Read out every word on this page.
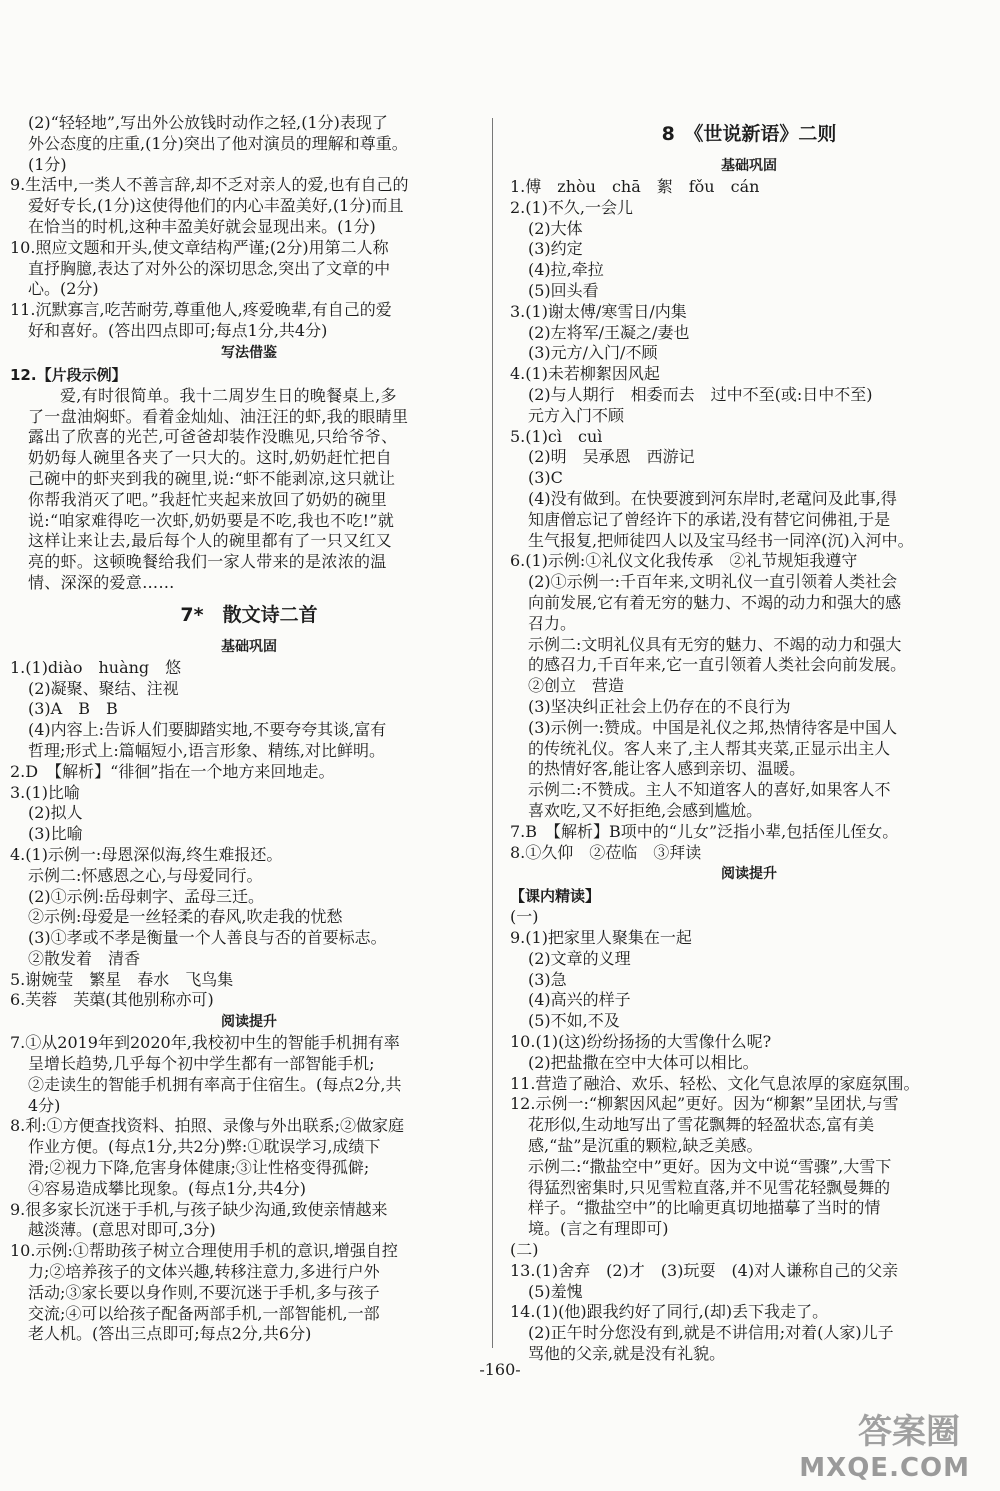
(2)“轻轻地”,写出外公放钱时动作之轻,(1分)表现了
外公态度的庄重,(1分)突出了他对演员的理解和尊重。
(1分)
9.生活中,一类人不善言辞,却不乏对亲人的爱,也有自己的
爱好专长,(1分)这使得他们的内心丰盈美好,(1分)而且
在恰当的时机,这种丰盈美好就会显现出来。(1分)
10.照应文题和开头,使文章结构严谨;(2分)用第二人称
直抒胸臆,表达了对外公的深切思念,突出了文章的中
心。(2分)
11.沉默寡言,吃苦耐劳,尊重他人,疼爱晚辈,有自己的爱
好和喜好。(答出四点即可;每点1分,共4分)
写法借鉴
12.【片段示例】
爱,有时很简单。我十二周岁生日的晚餐桌上,多
了一盘油焖虾。看着金灿灿、油汪汪的虾,我的眼睛里
露出了欣喜的光芒,可爸爸却装作没瞧见,只给爷爷、
奶奶每人碗里各夹了一只大的。这时,奶奶赶忙把自
己碗中的虾夹到我的碗里,说:“虾不能剥凉,这只就让
你帮我消灭了吧。”我赶忙夹起来放回了奶奶的碗里
说:“咱家难得吃一次虾,奶奶要是不吃,我也不吃!”就
这样让来让去,最后每个人的碗里都有了一只又红又
亮的虾。这顿晚餐给我们一家人带来的是浓浓的温
情、深深的爱意……
7*　散文诗二首
基础巩固
1.(1)diào　huàng　悠
(2)凝聚、聚结、注视
(3)A　B　B
(4)内容上:告诉人们要脚踏实地,不要夸夸其谈,富有
哲理;形式上:篇幅短小,语言形象、精练,对比鲜明。
2.D　【解析】“徘徊”指在一个地方来回地走。
3.(1)比喻
(2)拟人
(3)比喻
4.(1)示例一:母恩深似海,终生难报还。
示例二:怀感恩之心,与母爱同行。
(2)①示例:岳母刺字、孟母三迁。
②示例:母爱是一丝轻柔的春风,吹走我的忧愁
(3)①孝或不孝是衡量一个人善良与否的首要标志。
②散发着　清香
5.谢婉莹　繁星　春水　飞鸟集
6.芙蓉　芙蕖(其他别称亦可)
阅读提升
7.①从2019年到2020年,我校初中生的智能手机拥有率
呈增长趋势,几乎每个初中学生都有一部智能手机;
②走读生的智能手机拥有率高于住宿生。(每点2分,共
4分)
8.利:①方便查找资料、拍照、录像与外出联系;②做家庭
作业方便。(每点1分,共2分)弊:①耽误学习,成绩下
滑;②视力下降,危害身体健康;③让性格变得孤僻;
④容易造成攀比现象。(每点1分,共4分)
9.很多家长沉迷于手机,与孩子缺少沟通,致使亲情越来
越淡薄。(意思对即可,3分)
10.示例:①帮助孩子树立合理使用手机的意识,增强自控
力;②培养孩子的文体兴趣,转移注意力,多进行户外
活动;③家长要以身作则,不要沉迷于手机,多与孩子
交流;④可以给孩子配备两部手机,一部智能机,一部
老人机。(答出三点即可;每点2分,共6分)
8　《世说新语》二则
基础巩固
1.傅　zhòu　chā　絮　fǒu　cán
2.(1)不久,一会儿
(2)大体
(3)约定
(4)拉,牵拉
(5)回头看
3.(1)谢太傅/寒雪日/内集
(2)左将军/王凝之/妻也
(3)元方/入门/不顾
4.(1)未若柳絮因风起
(2)与人期行　相委而去　过中不至(或:日中不至)
元方入门不顾
5.(1)cì　cuì
(2)明　吴承恩　西游记
(3)C
(4)没有做到。在快要渡到河东岸时,老鼋问及此事,得
知唐僧忘记了曾经许下的承诺,没有替它问佛祖,于是
生气报复,把师徒四人以及宝马经书一同淬(沉)入河中。
6.(1)示例:①礼仪文化我传承　②礼节规矩我遵守
(2)①示例一:千百年来,文明礼仪一直引领着人类社会
向前发展,它有着无穷的魅力、不竭的动力和强大的感
召力。
示例二:文明礼仪具有无穷的魅力、不竭的动力和强大
的感召力,千百年来,它一直引领着人类社会向前发展。
②创立　营造
(3)坚决纠正社会上仍存在的不良行为
(3)示例一:赞成。中国是礼仪之邦,热情待客是中国人
的传统礼仪。客人来了,主人帮其夹菜,正显示出主人
的热情好客,能让客人感到亲切、温暖。
示例二:不赞成。主人不知道客人的喜好,如果客人不
喜欢吃,又不好拒绝,会感到尴尬。
7.B　【解析】B项中的“儿女”泛指小辈,包括侄儿侄女。
8.①久仰　②莅临　③拜读
阅读提升
【课内精读】
(一)
9.(1)把家里人聚集在一起
(2)文章的义理
(3)急
(4)高兴的样子
(5)不如,不及
10.(1)(这)纷纷扬扬的大雪像什么呢?
(2)把盐撒在空中大体可以相比。
11.营造了融洽、欢乐、轻松、文化气息浓厚的家庭氛围。
12.示例一:“柳絮因风起”更好。因为“柳絮”呈团状,与雪
花形似,生动地写出了雪花飘舞的轻盈状态,富有美
感,“盐”是沉重的颗粒,缺乏美感。
示例二:“撒盐空中”更好。因为文中说“雪骤”,大雪下
得猛烈密集时,只见雪粒直落,并不见雪花轻飘曼舞的
样子。“撒盐空中”的比喻更真切地描摹了当时的情
境。(言之有理即可)
(二)
13.(1)舍弃　(2)才　(3)玩耍　(4)对人谦称自己的父亲
(5)羞愧
14.(1)(他)跟我约好了同行,(却)丢下我走了。
(2)正午时分您没有到,就是不讲信用;对着(人家)儿子
骂他的父亲,就是没有礼貌。
-160-
答案圈
MXQE.COM
